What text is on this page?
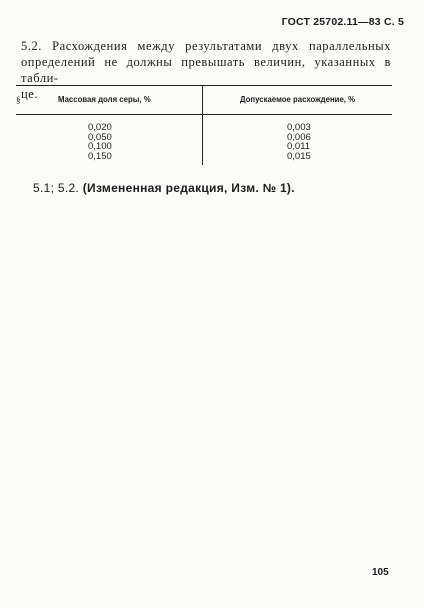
ГОСТ 25702.11—83 С. 5
5.2. Расхождения между результатами двух параллельных
определений не должны превышать величин, указанных в табли-
це.
§	Массовая доля серы, %	Допускаемое расхождение, %
0,020
0,050
0,100
0,150
0,003
0,006
0,011
0,015
5.1; 5.2. (Измененная редакция, Изм. № 1).
105
